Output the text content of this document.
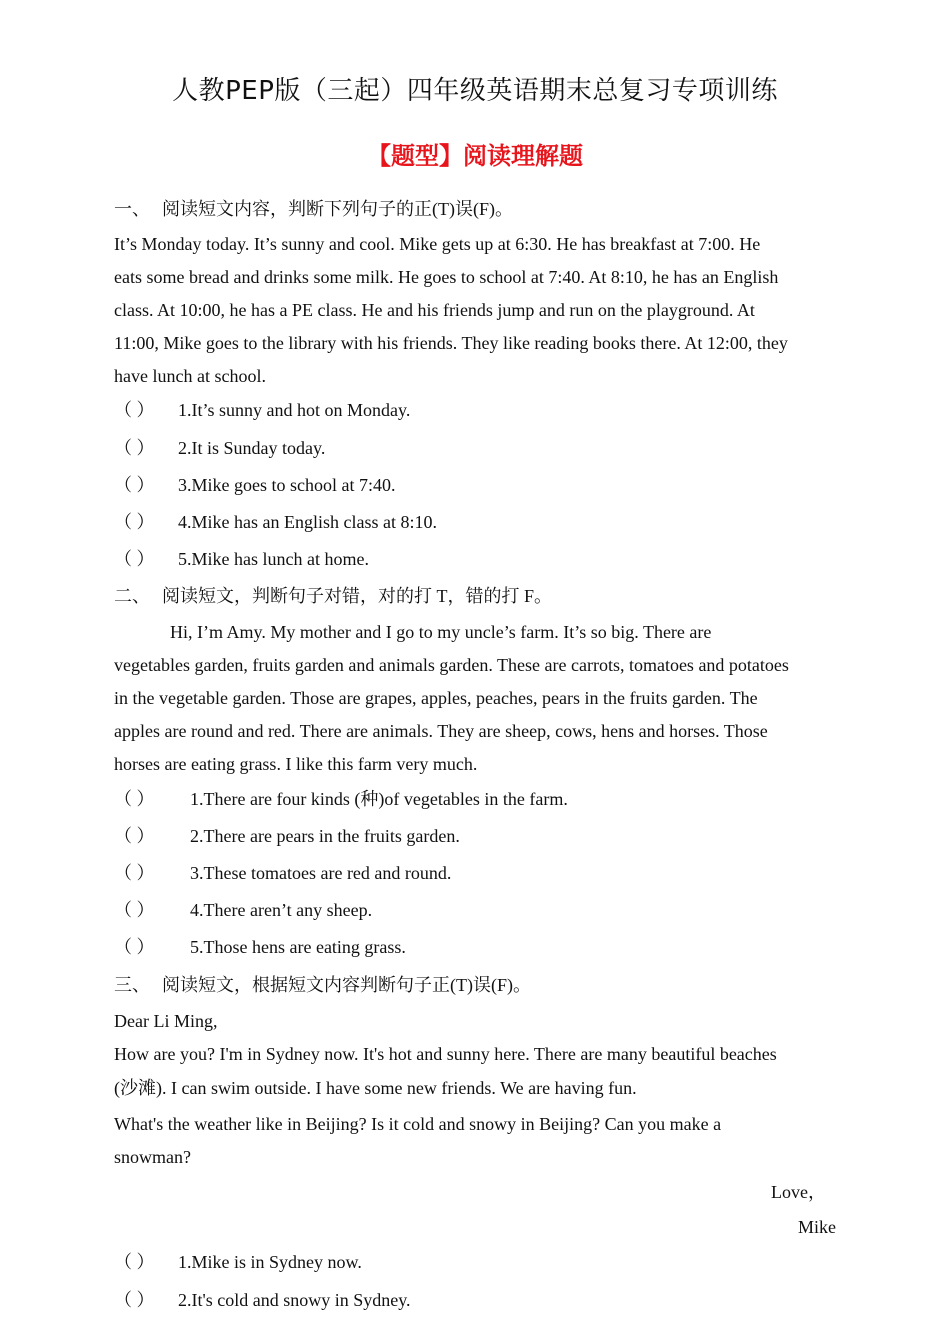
人教PEP版（三起）四年级英语期末总复习专项训练
【题型】阅读理解题
一、 阅读短文内容，判断下列句子的正(T)误(F)。
It’s Monday today. It’s sunny and cool. Mike gets up at 6:30. He has breakfast at 7:00. He
eats some bread and drinks some milk. He goes to school at 7:40. At 8:10, he has an English
class. At 10:00, he has a PE class. He and his friends jump and run on the playground. At
11:00, Mike goes to the library with his friends. They like reading books there. At 12:00, they
have lunch at school.
（ ） 1.It’s sunny and hot on Monday.
（ ） 2.It is Sunday today.
（ ） 3.Mike goes to school at 7:40.
（ ） 4.Mike has an English class at 8:10.
（ ） 5.Mike has lunch at home.
二、 阅读短文，判断句子对错，对的打 T，错的打 F。
Hi, I’m Amy. My mother and I go to my uncle’s farm. It’s so big. There are
vegetables garden, fruits garden and animals garden. These are carrots, tomatoes and potatoes
in the vegetable garden. Those are grapes, apples, peaches, pears in the fruits garden. The
apples are round and red. There are animals. They are sheep, cows, hens and horses. Those
horses are eating grass. I like this farm very much.
（ ） 1.There are four kinds (种)of vegetables in the farm.
（ ） 2.There are pears in the fruits garden.
（ ） 3.These tomatoes are red and round.
（ ） 4.There aren’t any sheep.
（ ） 5.Those hens are eating grass.
三、 阅读短文，根据短文内容判断句子正(T)误(F)。
Dear Li Ming,
How are you? I'm in Sydney now. It's hot and sunny here. There are many beautiful beaches
(沙滩). I can swim outside. I have some new friends. We are having fun.
What's the weather like in Beijing? Is it cold and snowy in Beijing? Can you make a
snowman?
Love，
Mike
（ ） 1.Mike is in Sydney now.
（ ） 2.It's cold and snowy in Sydney.
